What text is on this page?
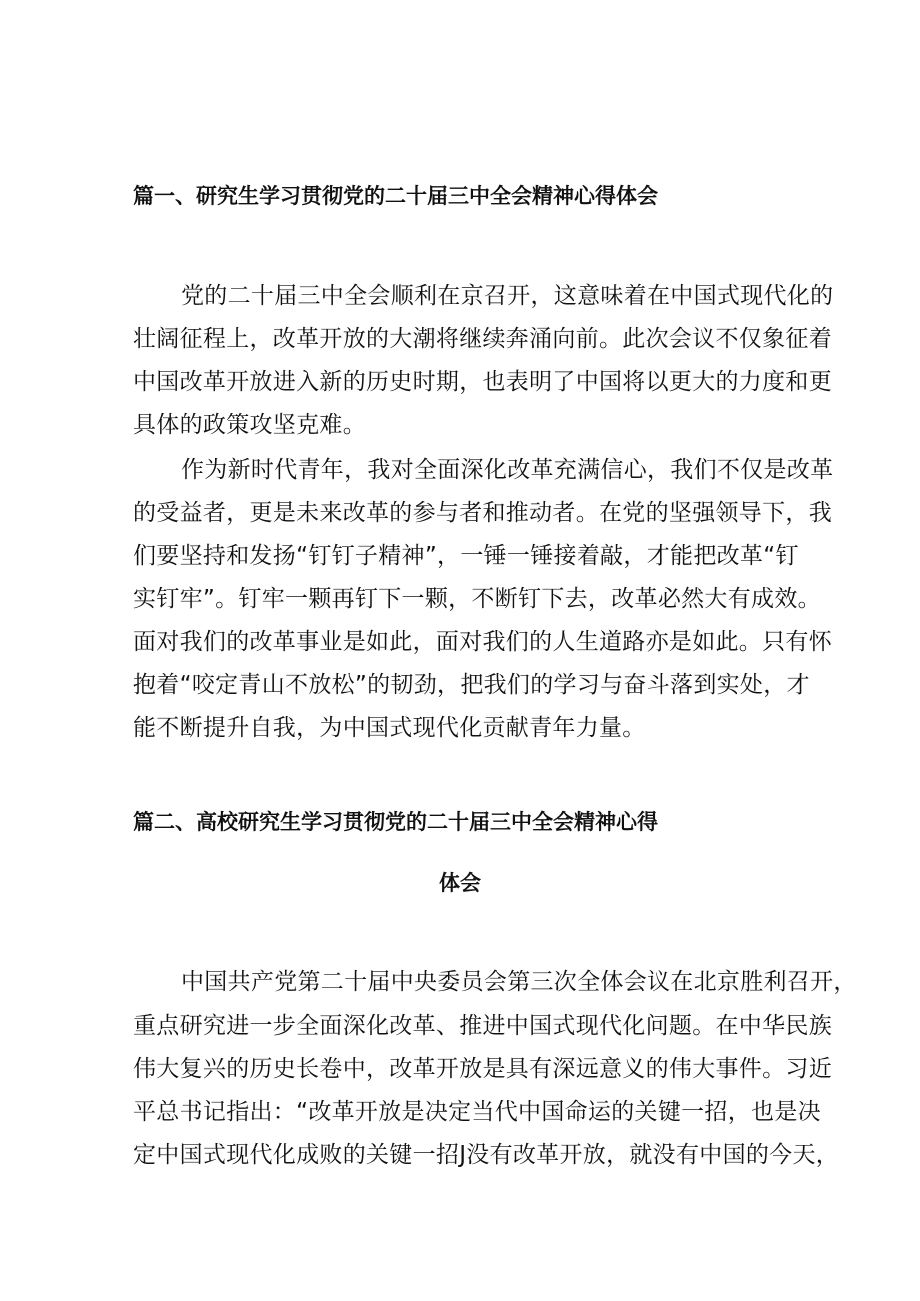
篇一、研究生学习贯彻党的二十届三中全会精神心得体会
党的二十届三中全会顺利在京召开，这意味着在中国式现代化的
壮阔征程上，改革开放的大潮将继续奔涌向前。此次会议不仅象征着
中国改革开放进入新的历史时期，也表明了中国将以更大的力度和更
具体的政策攻坚克难。
作为新时代青年，我对全面深化改革充满信心，我们不仅是改革
的受益者，更是未来改革的参与者和推动者。在党的坚强领导下，我
们要坚持和发扬“钉钉子精神”，一锤一锤接着敲，才能把改革“钉
实钉牢”。钉牢一颗再钉下一颗，不断钉下去，改革必然大有成效。
面对我们的改革事业是如此，面对我们的人生道路亦是如此。只有怀
抱着“咬定青山不放松”的韧劲，把我们的学习与奋斗落到实处，才
能不断提升自我，为中国式现代化贡献青年力量。
篇二、高校研究生学习贯彻党的二十届三中全会精神心得
体会
中国共产党第二十届中央委员会第三次全体会议在北京胜利召开，
重点研究进一步全面深化改革、推进中国式现代化问题。在中华民族
伟大复兴的历史长卷中，改革开放是具有深远意义的伟大事件。习近
平总书记指出：“改革开放是决定当代中国命运的关键一招，也是决
定中国式现代化成败的关键一招J没有改革开放，就没有中国的今天，
